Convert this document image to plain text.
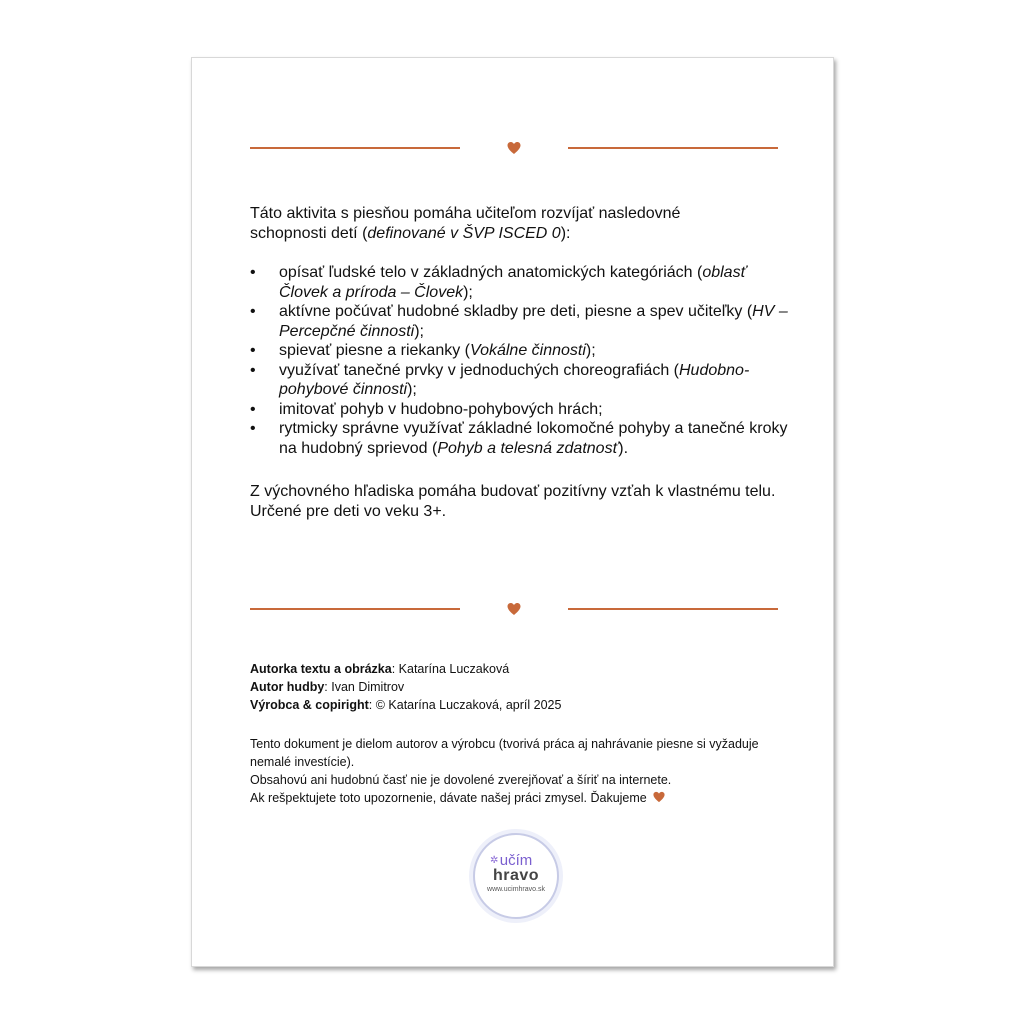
Táto aktivita s piesňou pomáha učiteľom rozvíjať nasledovné
schopnosti detí (definované v ŠVP ISCED 0):
• opísať ľudské telo v základných anatomických kategóriách (oblasť Človek a príroda – Človek);
• aktívne počúvať hudobné skladby pre deti, piesne a spev učiteľky (HV – Percepčné činnosti);
• spievať piesne a riekanky (Vokálne činnosti);
• využívať tanečné prvky v jednoduchých choreografiách (Hudobno-pohybové činnosti);
• imitovať pohyb v hudobno-pohybových hrách;
• rytmicky správne využívať základné lokomočné pohyby a tanečné kroky na hudobný sprievod (Pohyb a telesná zdatnosť).
Z výchovného hľadiska pomáha budovať pozitívny vzťah k vlastnému telu.
Určené pre deti vo veku 3+.
Autorka textu a obrázka: Katarína Luczaková
Autor hudby: Ivan Dimitrov
Výrobca & copiright: © Katarína Luczaková, apríl 2025
Tento dokument je dielom autorov a výrobcu (tvorivá práca aj nahrávanie piesne si vyžaduje nemalé investície).
Obsahovú ani hudobnú časť nie je dovolené zverejňovať a šíriť na internete.
Ak rešpektujete toto upozornenie, dávate našej práci zmysel. Ďakujeme
✲ učím
hravo
www.ucimhravo.sk
